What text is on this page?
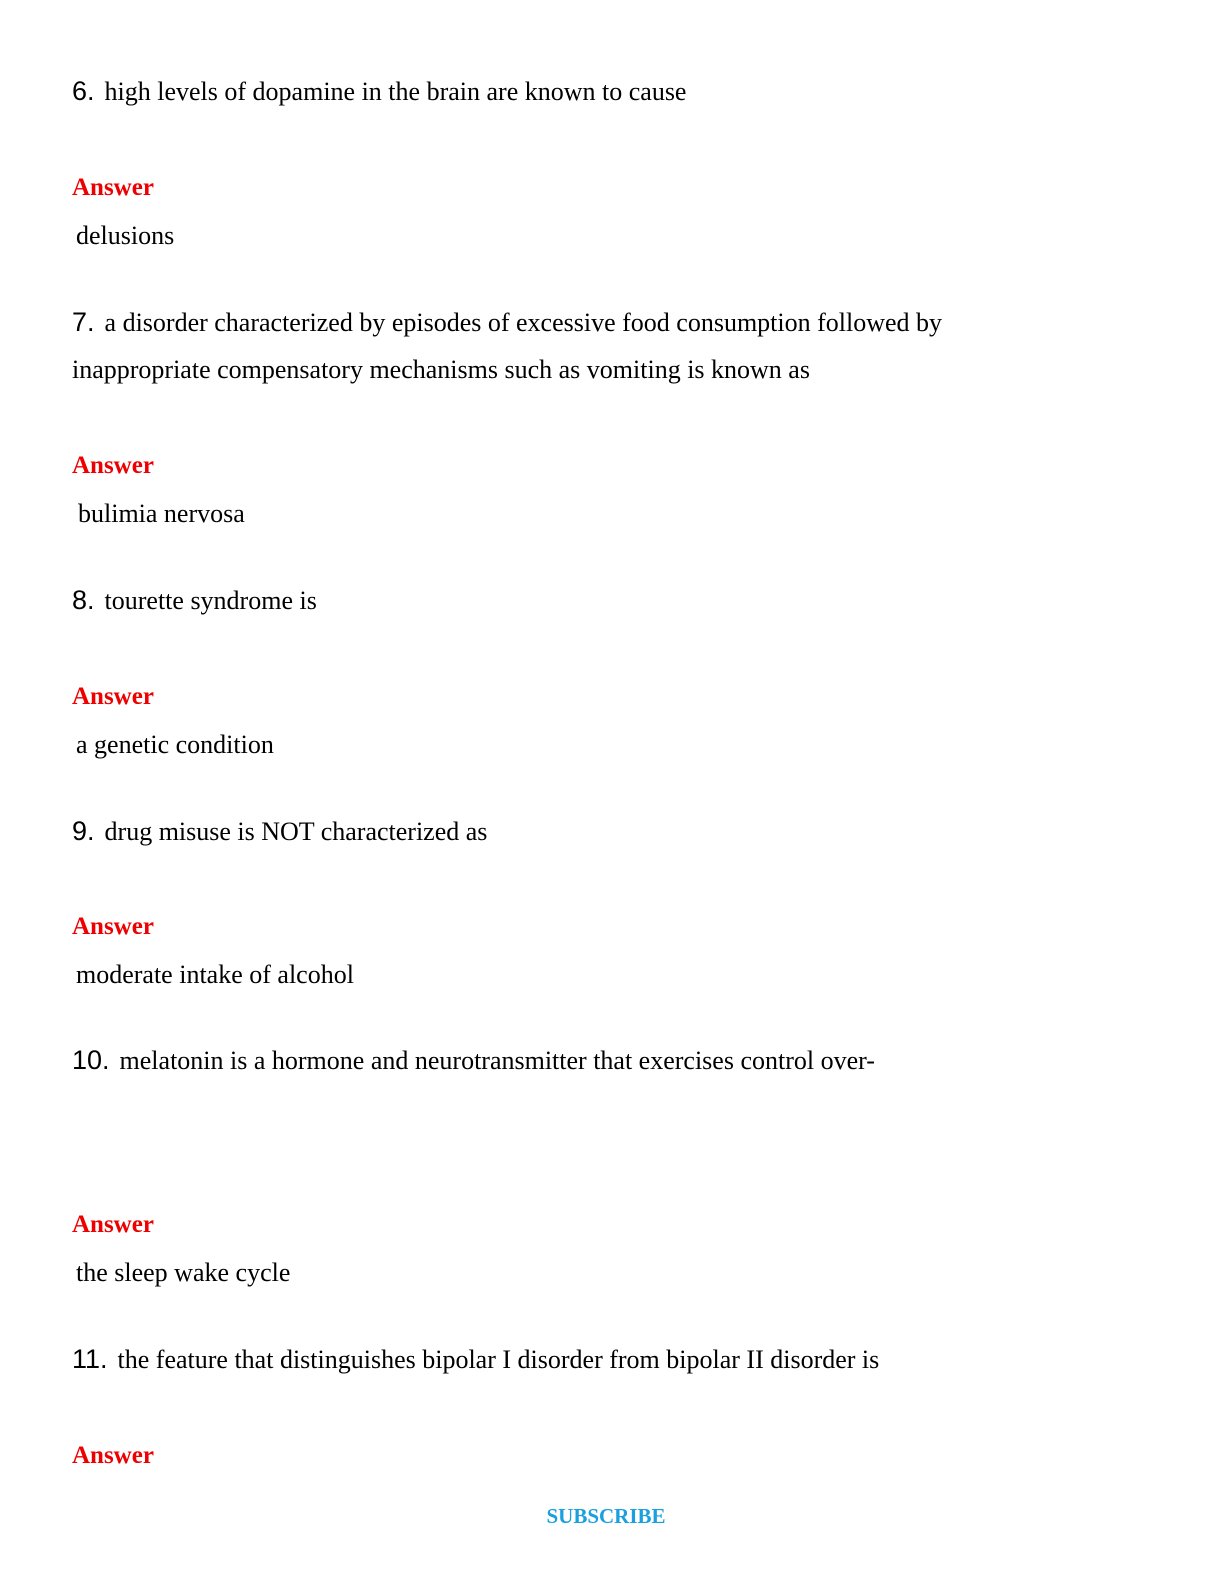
6. high levels of dopamine in the brain are known to cause

Answer

delusions

7. a disorder characterized by episodes of excessive food consumption followed by inappropriate compensatory mechanisms such as vomiting is known as

Answer

bulimia nervosa

8. tourette syndrome is

Answer

a genetic condition

9. drug misuse is NOT characterized as

Answer

moderate intake of alcohol

10. melatonin is a hormone and neurotransmitter that exercises control over-

Answer

the sleep wake cycle

11. the feature that distinguishes bipolar I disorder from bipolar II disorder is

Answer

SUBSCRIBE
